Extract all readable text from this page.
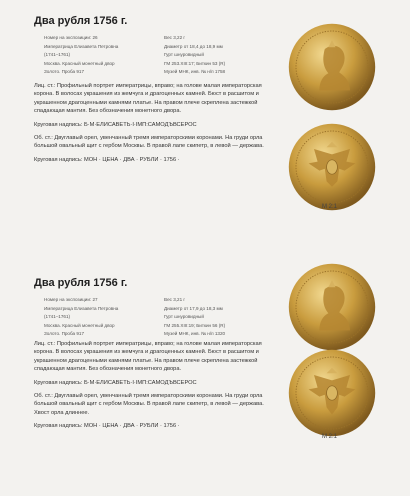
Два рубля 1756 г.
Номер на экспозиции: 26	Вес 3,22 г
Императрица Елизавета Петровна	Диаметр от 18,4 до 18,9 мм
(1741–1761)	Гурт шнуровидный
Москва. Красный монетный двор	ГМ 253.XIII:17; Биткин 53 (R)
Золото. Проба 917	Музей МНК, инв. № н/п 1758

Лиц. ст.: Профильный портрет императрицы, вправо; на голове малая императорская корона. В волосах украшения из жемчуга и драгоценных камней. Бюст в расшитом и украшенном драгоценными камнями платье. На правом плече скреплена застежкой спадающая мантия. Без обозначения монетного двора.

Круговая надпись: Б·М·ЕЛИСАВЕТЬ·I·IМП:САМОДЪВСЕРОС

Об. ст.: Двуглавый орел, увенчанный тремя императорскими коронами. На груди орла большой овальный щит с гербом Москвы. В правой лапе скипетр, в левой — держава.

Круговая надпись: МОН · ЦЕНА · ДВА · РУБЛИ · 1756 ·

М 2:1
Два рубля 1756 г.
Номер на экспозиции: 27	Вес 3,21 г
Императрица Елизавета Петровна	Диаметр от 17,9 до 18,3 мм
(1741–1761)	Гурт шнуровидный
Москва. Красный монетный двор	ГМ 255.XIII:19; Биткин 56 (R)
Золото. Проба 917	Музей МНК, инв. № н/п 1320

Лиц. ст.: Профильный портрет императрицы, вправо; на голове малая императорская корона. В волосах украшения из жемчуга и драгоценных камней. Бюст в расшитом и украшенном драгоценными камнями платье. На правом плече скреплена застежкой спадающая мантия. Без обозначения монетного двора.

Круговая надпись: Б·М·ЕЛИСАВЕТЬ·I·IМП:САМОДЪВСЕРОС

Об. ст.: Двуглавый орел, увенчанный тремя императорскими коронами. На груди орла большой овальный щит с гербом Москвы. В правой лапе скипетр, в левой — держава. Хвост орла длиннее.

Круговая надпись: МОН · ЦЕНА · ДВА · РУБЛИ · 1756 ·

М 2:1
